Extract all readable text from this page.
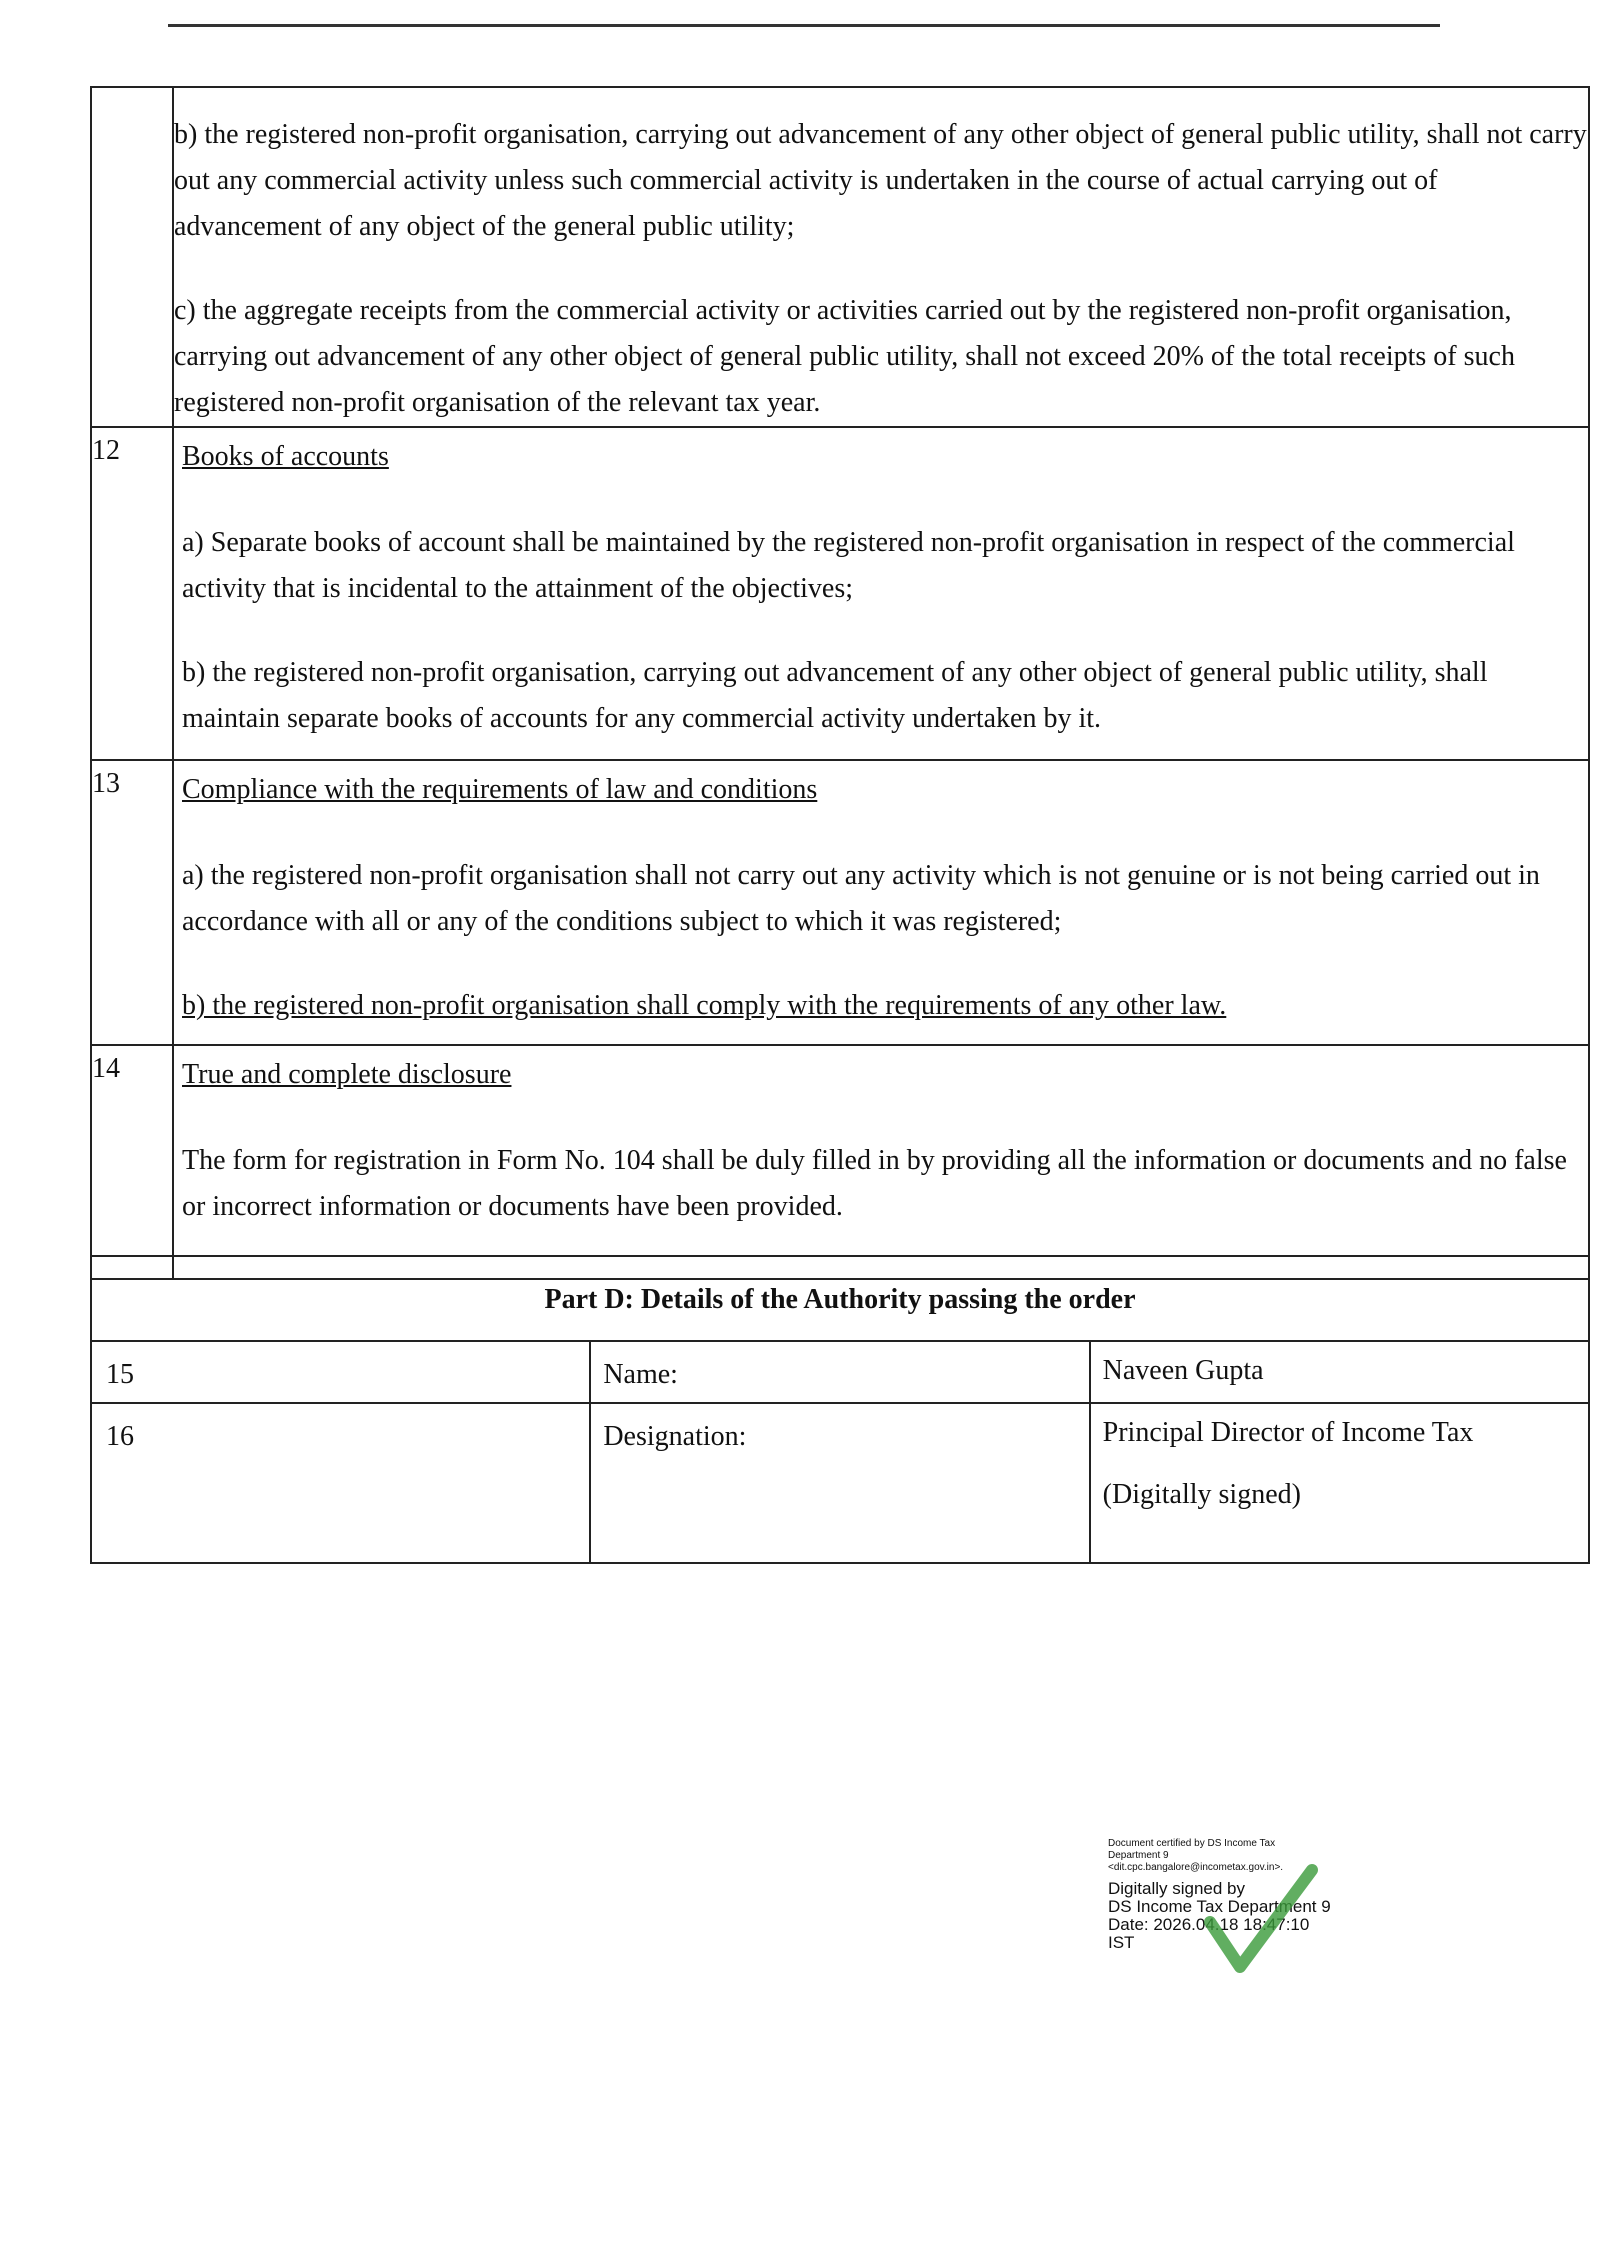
	b) the registered non-profit organisation, carrying out advancement of any other object of general public utility, shall not carry out any commercial activity unless such commercial activity is undertaken in the course of actual carrying out of advancement of any object of the general public utility;

c) the aggregate receipts from the commercial activity or activities carried out by the registered non-profit organisation, carrying out advancement of any other object of general public utility, shall not exceed 20% of the total receipts of such registered non-profit organisation of the relevant tax year.

12	Books of accounts

a) Separate books of account shall be maintained by the registered non-profit organisation in respect of the commercial activity that is incidental to the attainment of the objectives;

b) the registered non-profit organisation, carrying out advancement of any other object of general public utility, shall maintain separate books of accounts for any commercial activity undertaken by it.

13	Compliance with the requirements of law and conditions

a) the registered non-profit organisation shall not carry out any activity which is not genuine or is not being carried out in accordance with all or any of the conditions subject to which it was registered;

b) the registered non-profit organisation shall comply with the requirements of any other law.

14	True and complete disclosure

The form for registration in Form No. 104 shall be duly filled in by providing all the information or documents and no false or incorrect information or documents have been provided.

Part D: Details of the Authority passing the order		
15	Name:	Naveen Gupta
16	Designation:	Principal Director of Income Tax

(Digitally signed)

Document certified by DS Income Tax
Department 9
<dit.cpc.bangalore@incometax.gov.in>.
Digitally signed by
DS Income Tax Department 9
Date: 2026.04.18 18:47:10
IST
